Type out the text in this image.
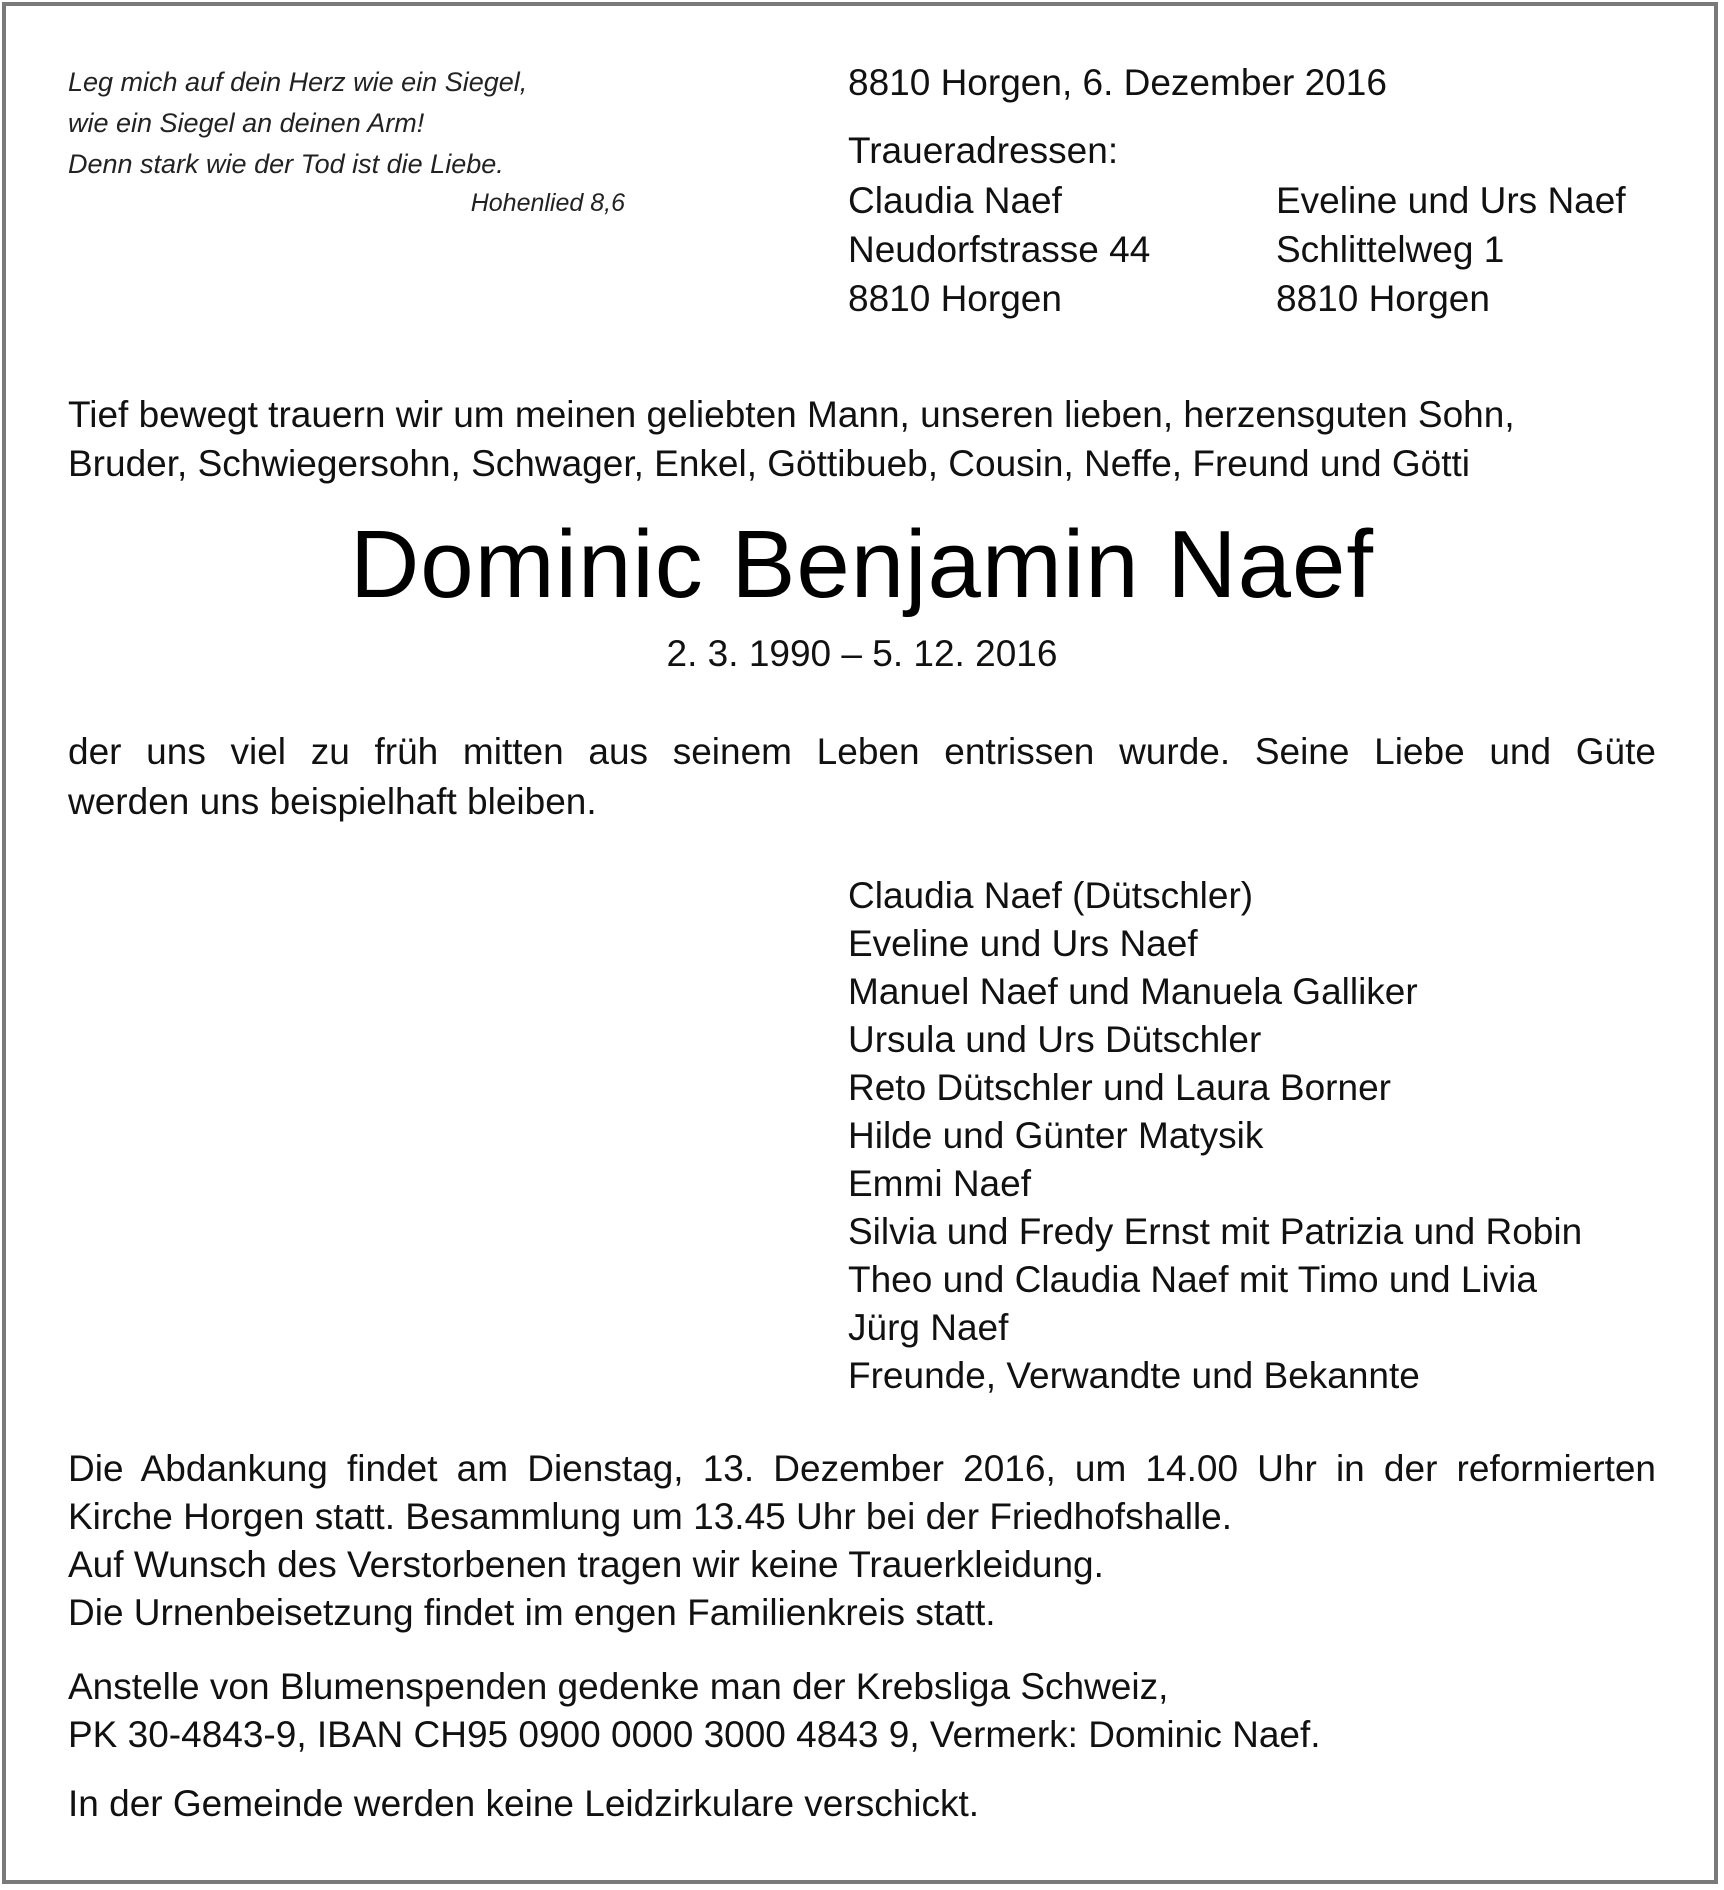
Leg mich auf dein Herz wie ein Siegel,
wie ein Siegel an deinen Arm!
Denn stark wie der Tod ist die Liebe.
Hohenlied 8,6
8810 Horgen, 6. Dezember 2016
Traueradressen:
Claudia Naef
Neudorfstrasse 44
8810 Horgen
Eveline und Urs Naef
Schlittelweg 1
8810 Horgen
Tief bewegt trauern wir um meinen geliebten Mann, unseren lieben, herzensguten Sohn,
Bruder, Schwiegersohn, Schwager, Enkel, Göttibueb, Cousin, Neffe, Freund und Götti
Dominic Benjamin Naef
2. 3. 1990 – 5. 12. 2016
der uns viel zu früh mitten aus seinem Leben entrissen wurde. Seine Liebe und Güte
werden uns beispielhaft bleiben.
Claudia Naef (Dütschler)
Eveline und Urs Naef
Manuel Naef und Manuela Galliker
Ursula und Urs Dütschler
Reto Dütschler und Laura Borner
Hilde und Günter Matysik
Emmi Naef
Silvia und Fredy Ernst mit Patrizia und Robin
Theo und Claudia Naef mit Timo und Livia
Jürg Naef
Freunde, Verwandte und Bekannte
Die Abdankung findet am Dienstag, 13. Dezember 2016, um 14.00 Uhr in der reformierten
Kirche Horgen statt. Besammlung um 13.45 Uhr bei der Friedhofshalle.
Auf Wunsch des Verstorbenen tragen wir keine Trauerkleidung.
Die Urnenbeisetzung findet im engen Familienkreis statt.
Anstelle von Blumenspenden gedenke man der Krebsliga Schweiz,
PK 30-4843-9, IBAN CH95 0900 0000 3000 4843 9, Vermerk: Dominic Naef.
In der Gemeinde werden keine Leidzirkulare verschickt.
